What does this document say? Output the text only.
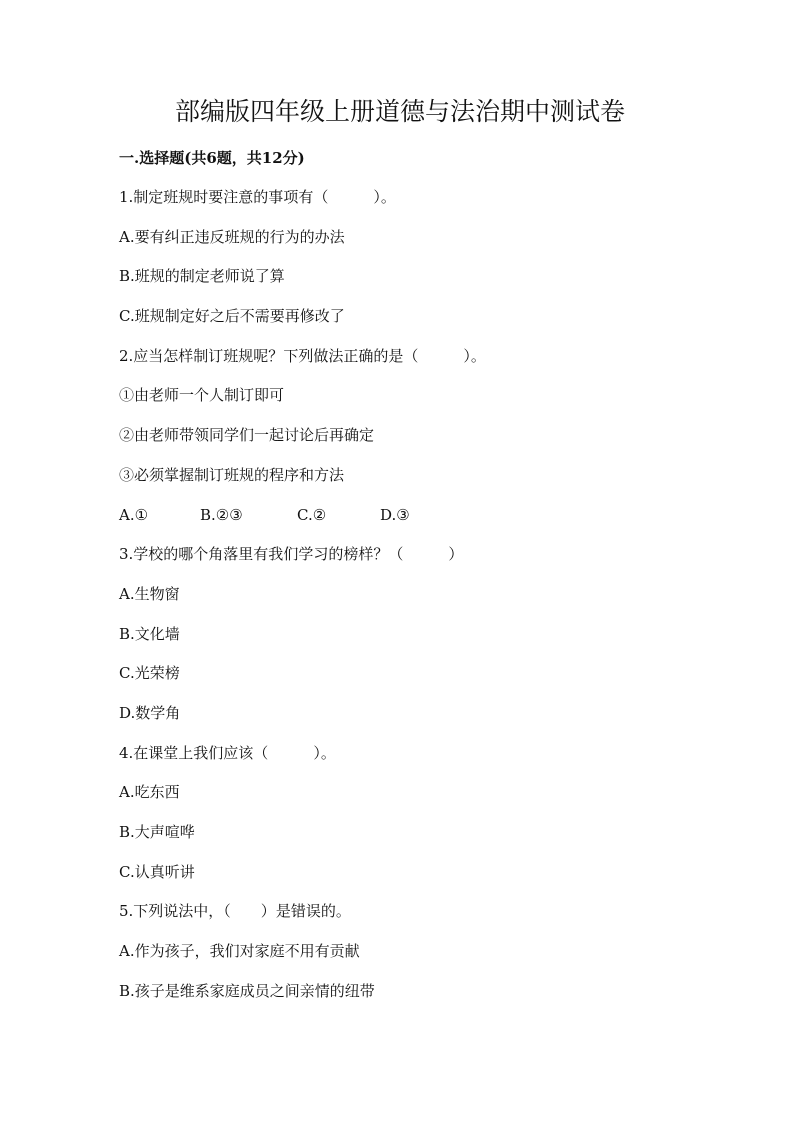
部编版四年级上册道德与法治期中测试卷
一.选择题(共6题，共12分)
1.制定班规时要注意的事项有（　　　）。
A.要有纠正违反班规的行为的办法
B.班规的制定老师说了算
C.班规制定好之后不需要再修改了
2.应当怎样制订班规呢？下列做法正确的是（　　　）。
①由老师一个人制订即可
②由老师带领同学们一起讨论后再确定
③必须掌握制订班规的程序和方法
A.①	B.②③	C.②	D.③
3.学校的哪个角落里有我们学习的榜样？（　　　）
A.生物窗
B.文化墙
C.光荣榜
D.数学角
4.在课堂上我们应该（　　　）。
A.吃东西
B.大声喧哗
C.认真听讲
5.下列说法中，（　　）是错误的。
A.作为孩子，我们对家庭不用有贡献
B.孩子是维系家庭成员之间亲情的纽带
